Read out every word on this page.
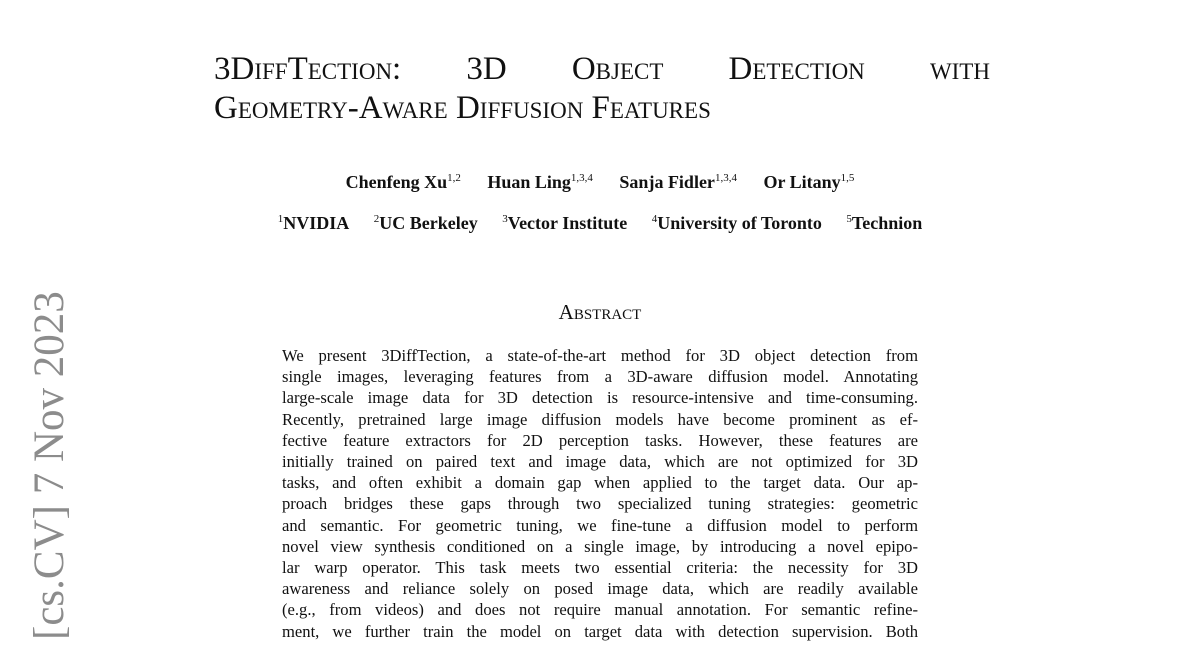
[cs.CV] 7 Nov 2023
3DiffTection: 3D Object Detection with
Geometry-Aware Diffusion Features
Chenfeng Xu$^{1,2}$ Huan Ling$^{1,3,4}$ Sanja Fidler$^{1,3,4}$ Or Litany$^{1,5}$
$^1$NVIDIA $^2$UC Berkeley $^3$Vector Institute $^4$University of Toronto $^5$Technion
Abstract
We present 3DiffTection, a state-of-the-art method for 3D object detection from
single images, leveraging features from a 3D-aware diffusion model. Annotating
large-scale image data for 3D detection is resource-intensive and time-consuming.
Recently, pretrained large image diffusion models have become prominent as ef-
fective feature extractors for 2D perception tasks. However, these features are
initially trained on paired text and image data, which are not optimized for 3D
tasks, and often exhibit a domain gap when applied to the target data. Our ap-
proach bridges these gaps through two specialized tuning strategies: geometric
and semantic. For geometric tuning, we fine-tune a diffusion model to perform
novel view synthesis conditioned on a single image, by introducing a novel epipo-
lar warp operator. This task meets two essential criteria: the necessity for 3D
awareness and reliance solely on posed image data, which are readily available
(e.g., from videos) and does not require manual annotation. For semantic refine-
ment, we further train the model on target data with detection supervision. Both
